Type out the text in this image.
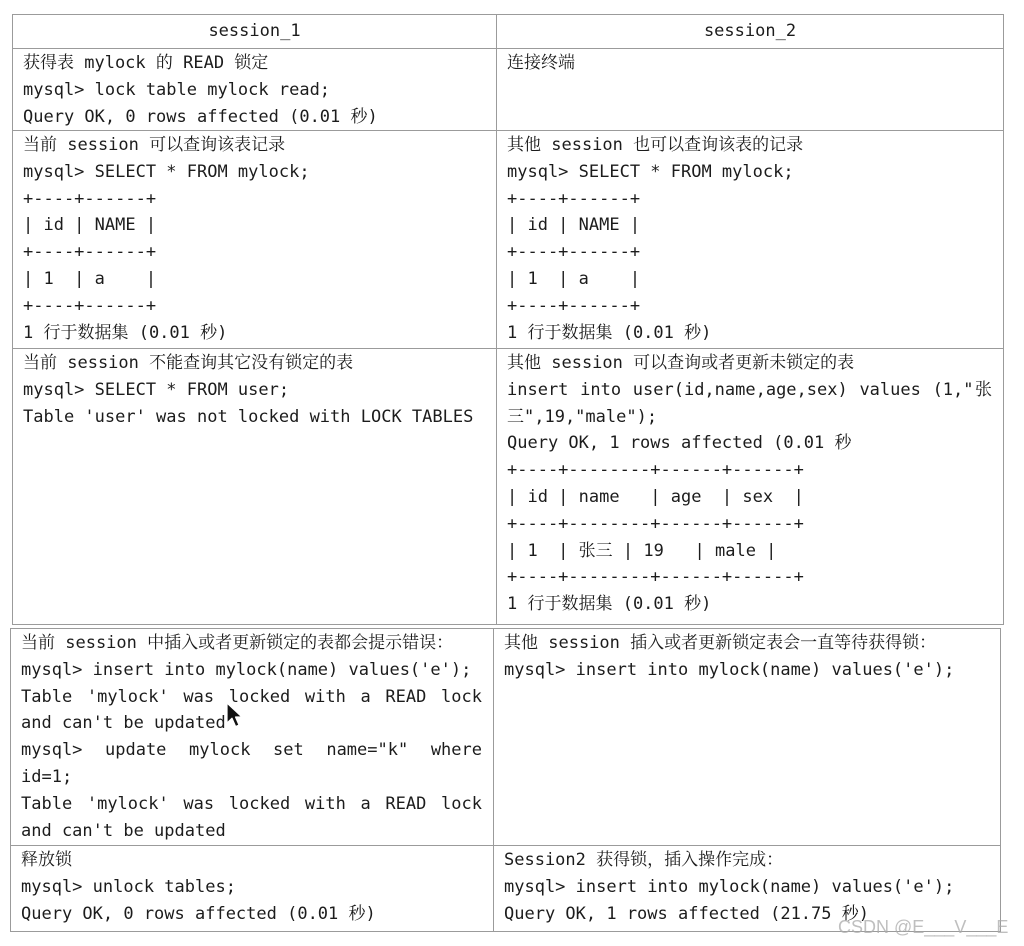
session_1	session_2
获得表 mylock 的 READ 锁定
mysql> lock table mylock read;
Query OK, 0 rows affected (0.01 秒)
连接终端
当前 session 可以查询该表记录
mysql> SELECT * FROM mylock;
+----+------+
| id | NAME |
+----+------+
| 1  | a    |
+----+------+
1 行于数据集 (0.01 秒)
其他 session 也可以查询该表的记录
mysql> SELECT * FROM mylock;
+----+------+
| id | NAME |
+----+------+
| 1  | a    |
+----+------+
1 行于数据集 (0.01 秒)
当前 session 不能查询其它没有锁定的表
mysql> SELECT * FROM user;
Table 'user' was not locked with LOCK TABLES
其他 session 可以查询或者更新未锁定的表
insert into user(id,name,age,sex) values (1,"张
三",19,"male");
Query OK, 1 rows affected (0.01 秒
+----+--------+------+------+
| id | name   | age  | sex  |
+----+--------+------+------+
| 1  | 张三 | 19   | male |
+----+--------+------+------+
1 行于数据集 (0.01 秒)
当前 session 中插入或者更新锁定的表都会提示错误：
mysql> insert into mylock(name) values('e');
Table 'mylock' was locked with a READ lock
and can't be updated
mysql> update mylock set name="k" where
id=1;
Table 'mylock' was locked with a READ lock
and can't be updated
其他 session 插入或者更新锁定表会一直等待获得锁：
mysql> insert into mylock(name) values('e');
释放锁
mysql> unlock tables;
Query OK, 0 rows affected (0.01 秒)
Session2 获得锁，插入操作完成：
mysql> insert into mylock(name) values('e');
Query OK, 1 rows affected (21.75 秒)
CSDN @E___V___E
